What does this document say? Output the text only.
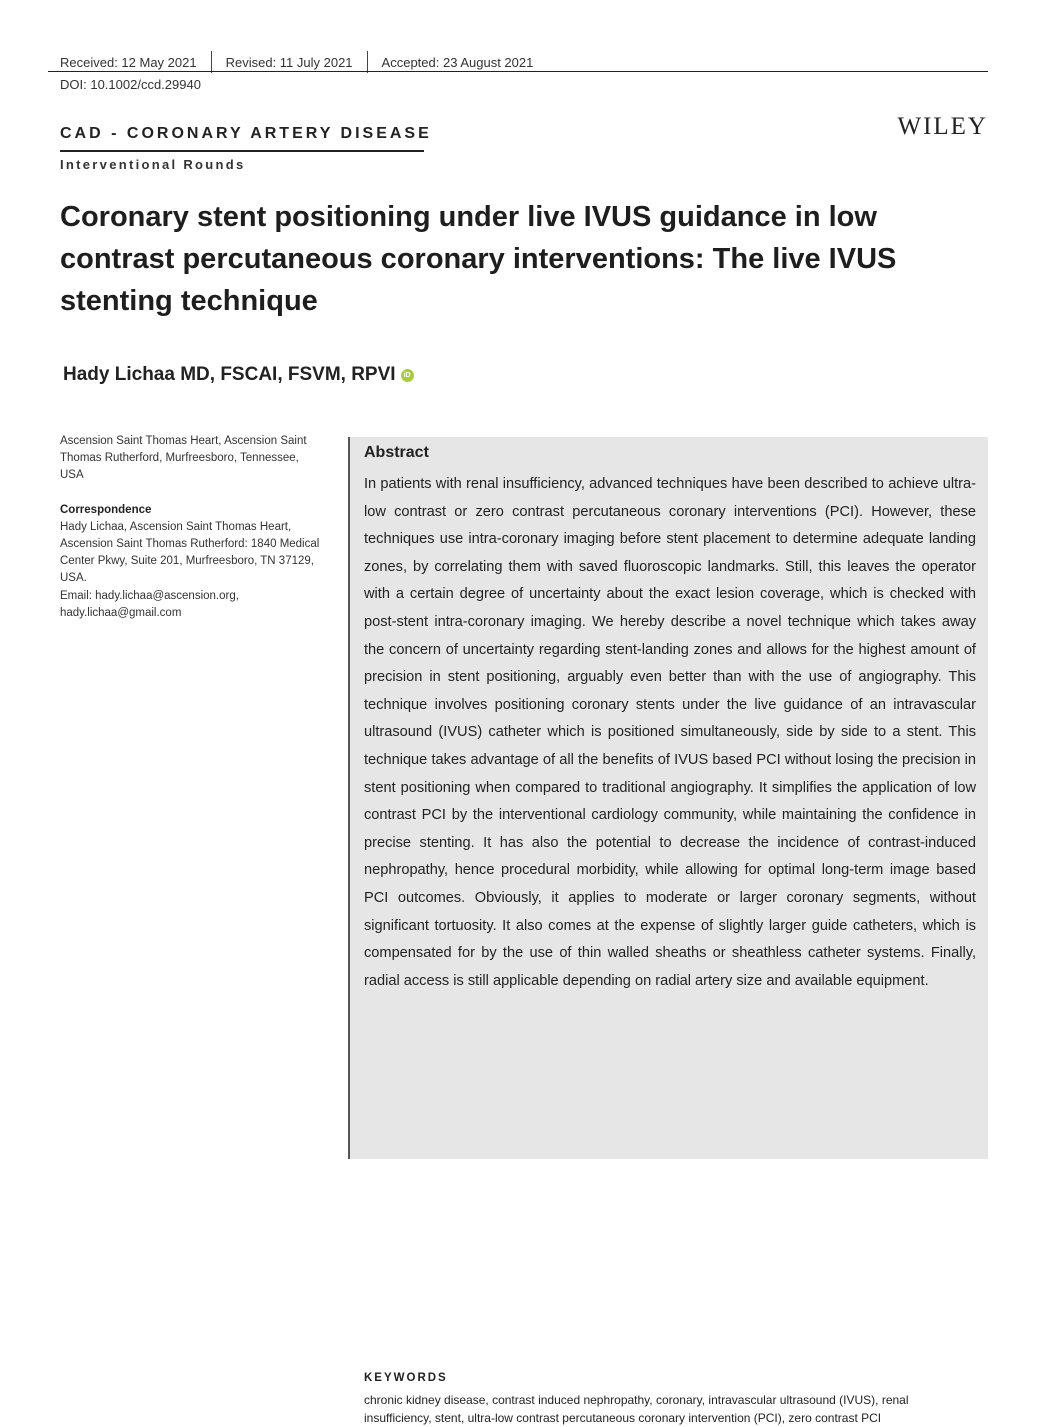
Received: 12 May 2021 Revised: 11 July 2021 Accepted: 23 August 2021
DOI: 10.1002/ccd.29940
CAD - CORONARY ARTERY DISEASE
Interventional Rounds
WILEY
Coronary stent positioning under live IVUS guidance in low contrast percutaneous coronary interventions: The live IVUS stenting technique
Hady Lichaa MD, FSCAI, FSVM, RPVI	iD

Ascension Saint Thomas Heart, Ascension Saint Thomas Rutherford, Murfreesboro, Tennessee, USA

Correspondence

Hady Lichaa, Ascension Saint Thomas Heart, Ascension Saint Thomas Rutherford: 1840 Medical Center Pkwy, Suite 201, Murfreesboro, TN 37129, USA.

Email: hady.lichaa@ascension.org, hady.lichaa@gmail.com

Abstract

In patients with renal insufficiency, advanced techniques have been described to achieve ultra-low contrast or zero contrast percutaneous coronary interventions (PCI). However, these techniques use intra-coronary imaging before stent placement to determine adequate landing zones, by correlating them with saved fluoroscopic landmarks. Still, this leaves the operator with a certain degree of uncertainty about the exact lesion coverage, which is checked with post-stent intra-coronary imaging. We hereby describe a novel technique which takes away the concern of uncertainty regarding stent-landing zones and allows for the highest amount of precision in stent positioning, arguably even better than with the use of angiography. This technique involves positioning coronary stents under the live guidance of an intravascular ultrasound (IVUS) catheter which is positioned simultaneously, side by side to a stent. This technique takes advantage of all the benefits of IVUS based PCI without losing the precision in stent positioning when compared to traditional angiography. It simplifies the application of low contrast PCI by the interventional cardiology community, while maintaining the confidence in precise stenting. It has also the potential to decrease the incidence of contrast-induced nephropathy, hence procedural morbidity, while allowing for optimal long-term image based PCI outcomes. Obviously, it applies to moderate or larger coronary segments, without significant tortuosity. It also comes at the expense of slightly larger guide catheters, which is compensated for by the use of thin walled sheaths or sheathless catheter systems. Finally, radial access is still applicable depending on radial artery size and available equipment.

KEYWORDS

chronic kidney disease, contrast induced nephropathy, coronary, intravascular ultrasound (IVUS), renal insufficiency, stent, ultra-low contrast percutaneous coronary intervention (PCI), zero contrast PCI
